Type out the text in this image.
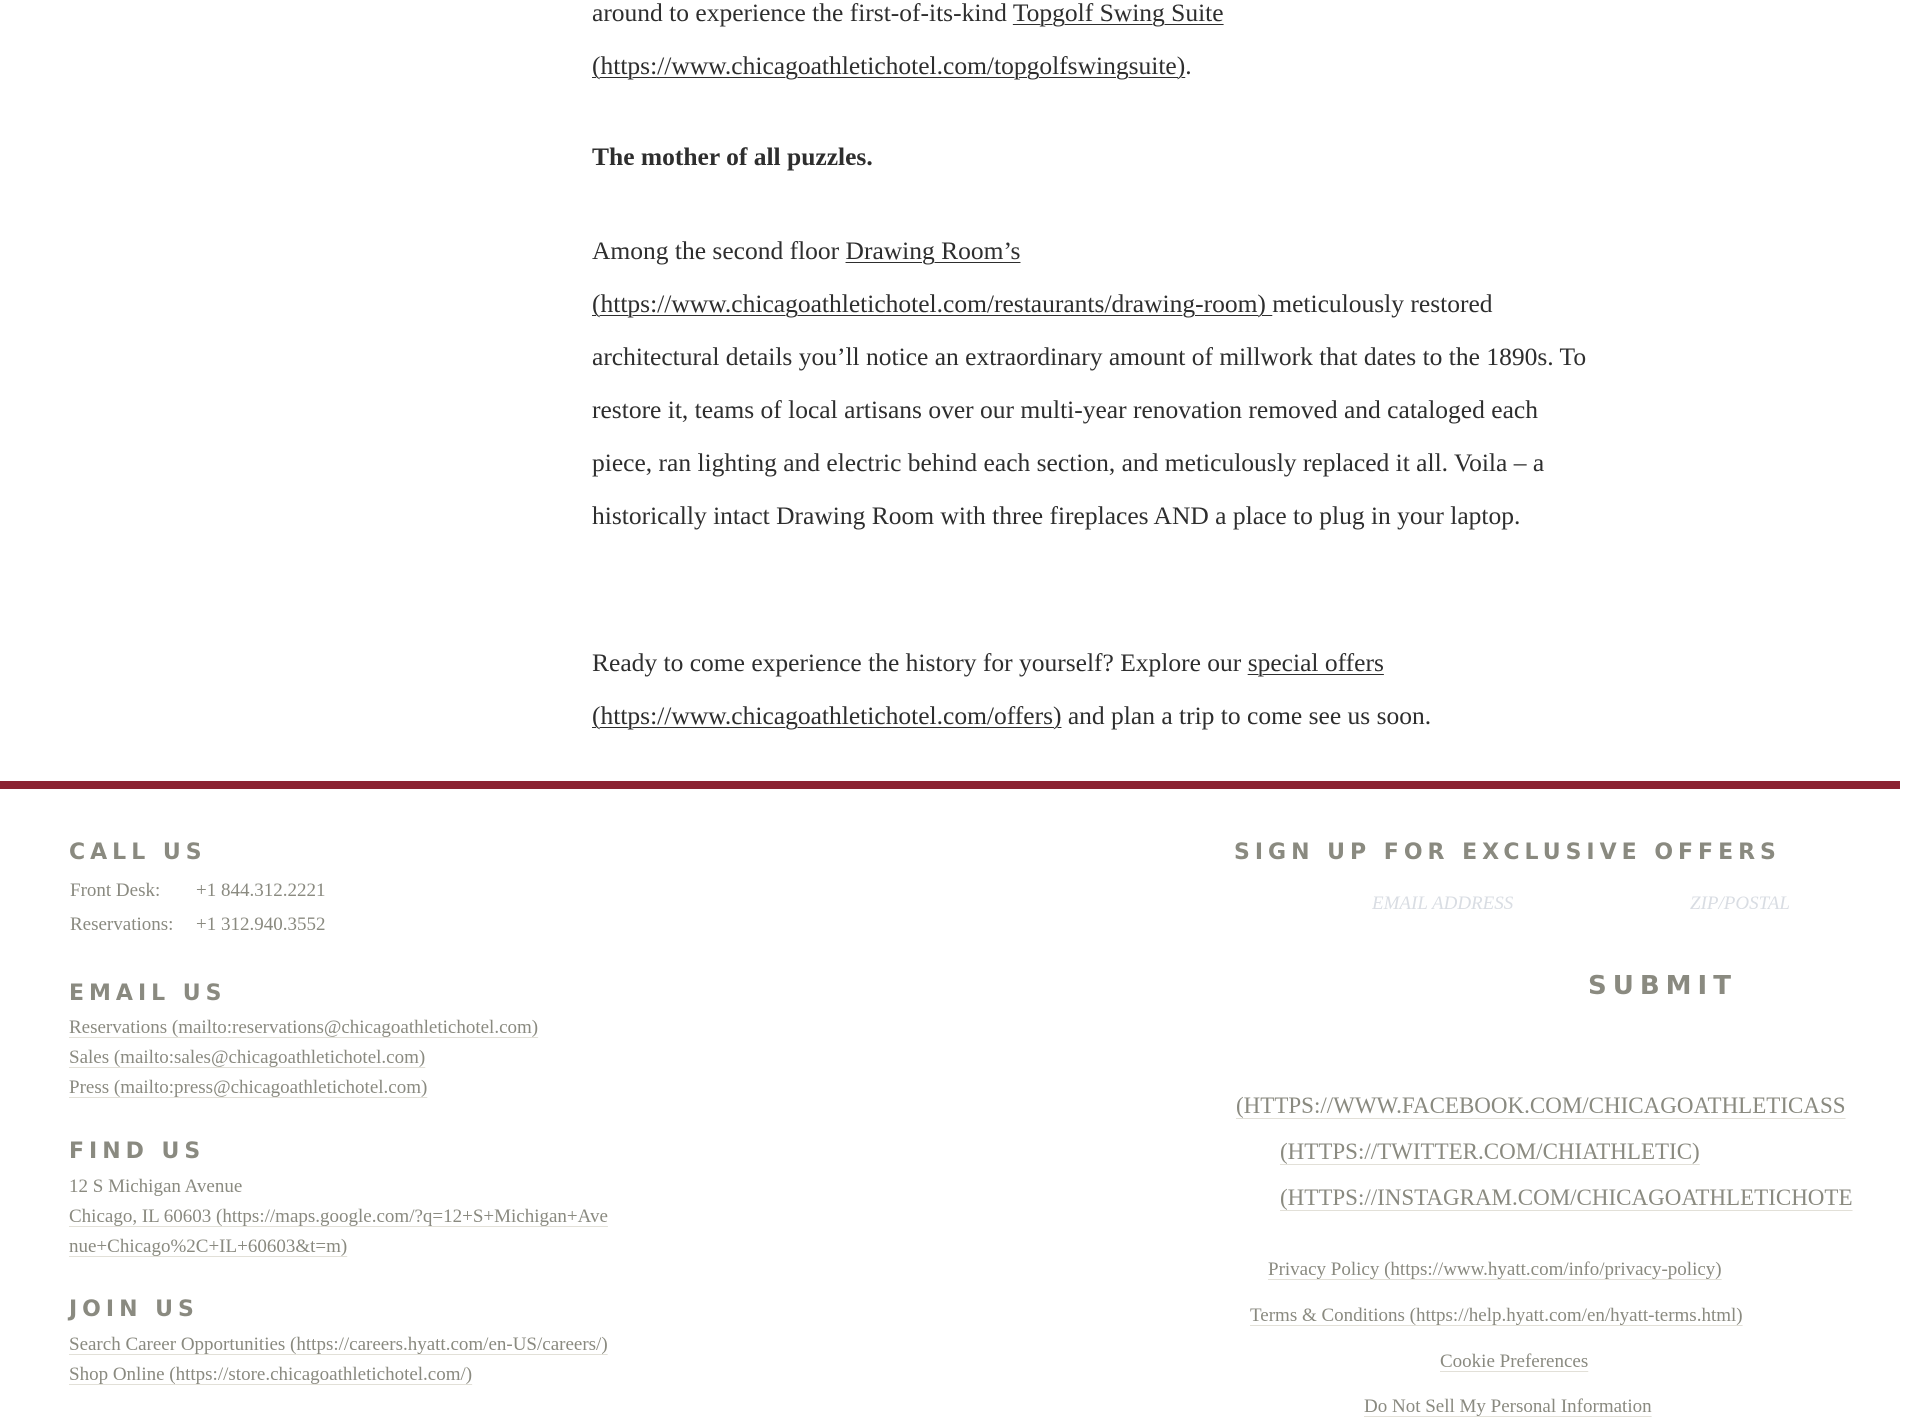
around to experience the first-of-its-kind Topgolf Swing Suite (https://www.chicagoathletichotel.com/topgolfswingsuite).

The mother of all puzzles.

Among the second floor Drawing Room’s (https://www.chicagoathletichotel.com/restaurants/drawing-room) meticulously restored architectural details you’ll notice an extraordinary amount of millwork that dates to the 1890s. To restore it, teams of local artisans over our multi-year renovation removed and cataloged each piece, ran lighting and electric behind each section, and meticulously replaced it all. Voila – a historically intact Drawing Room with three fireplaces AND a place to plug in your laptop.

Ready to come experience the history for yourself? Explore our special offers (https://www.chicagoathletichotel.com/offers) and plan a trip to come see us soon.

CALL US
Front Desk:	+1 844.312.2221
Reservations:	+1 312.940.3552
EMAIL US
Reservations (mailto:reservations@chicagoathletichotel.com)
Sales (mailto:sales@chicagoathletichotel.com)
Press (mailto:press@chicagoathletichotel.com)
FIND US
12 S Michigan Avenue
Chicago, IL 60603 (https://maps.google.com/?q=12+S+Michigan+Avenue+Chicago%2C+IL+60603&t=m)
JOIN US
Search Career Opportunities (https://careers.hyatt.com/en-US/careers/)
Shop Online (https://store.chicagoathletichotel.com/)
SIGN UP FOR EXCLUSIVE OFFERS
EMAIL ADDRESS
ZIP/POSTAL
SUBMIT
(HTTPS://WWW.FACEBOOK.COM/CHICAGOATHLETICASS
(HTTPS://TWITTER.COM/CHIATHLETIC)
(HTTPS://INSTAGRAM.COM/CHICAGOATHLETICHOTE
Privacy Policy (https://www.hyatt.com/info/privacy-policy)
Terms & Conditions (https://help.hyatt.com/en/hyatt-terms.html)
Cookie Preferences
Do Not Sell My Personal Information
